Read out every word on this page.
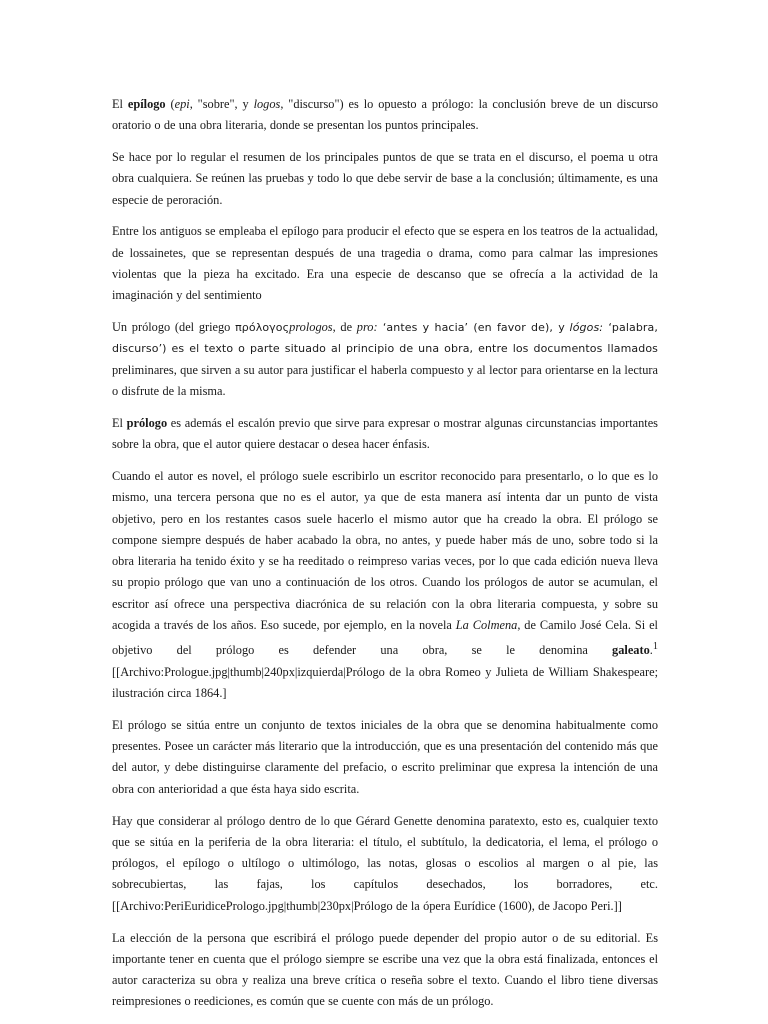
El epílogo (epi, "sobre", y logos, "discurso") es lo opuesto a prólogo: la conclusión breve de un discurso oratorio o de una obra literaria, donde se presentan los puntos principales.

Se hace por lo regular el resumen de los principales puntos de que se trata en el discurso, el poema u otra obra cualquiera. Se reúnen las pruebas y todo lo que debe servir de base a la conclusión; últimamente, es una especie de peroración.

Entre los antiguos se empleaba el epílogo para producir el efecto que se espera en los teatros de la actualidad, de lossainetes, que se representan después de una tragedia o drama, como para calmar las impresiones violentas que la pieza ha excitado. Era una especie de descanso que se ofrecía a la actividad de la imaginación y del sentimiento

Un prólogo (del griego πρόλογοςprologos, de pro: ‘antes y hacia’ (en favor de), y lógos: ‘palabra, discurso’) es el texto o parte situado al principio de una obra, entre los documentos llamados preliminares, que sirven a su autor para justificar el haberla compuesto y al lector para orientarse en la lectura o disfrute de la misma.

El prólogo es además el escalón previo que sirve para expresar o mostrar algunas circunstancias importantes sobre la obra, que el autor quiere destacar o desea hacer énfasis.

Cuando el autor es novel, el prólogo suele escribirlo un escritor reconocido para presentarlo, o lo que es lo mismo, una tercera persona que no es el autor, ya que de esta manera así intenta dar un punto de vista objetivo, pero en los restantes casos suele hacerlo el mismo autor que ha creado la obra. El prólogo se compone siempre después de haber acabado la obra, no antes, y puede haber más de uno, sobre todo si la obra literaria ha tenido éxito y se ha reeditado o reimpreso varias veces, por lo que cada edición nueva lleva su propio prólogo que van uno a continuación de los otros. Cuando los prólogos de autor se acumulan, el escritor así ofrece una perspectiva diacrónica de su relación con la obra literaria compuesta, y sobre su acogida a través de los años. Eso sucede, por ejemplo, en la novela La Colmena, de Camilo José Cela. Si el objetivo del prólogo es defender una obra, se le denomina galeato.$^1$ [[Archivo:Prologue.jpg|thumb|240px|izquierda|Prólogo de la obra Romeo y Julieta de William Shakespeare; ilustración circa 1864.]

El prólogo se sitúa entre un conjunto de textos iniciales de la obra que se denomina habitualmente como presentes. Posee un carácter más literario que la introducción, que es una presentación del contenido más que del autor, y debe distinguirse claramente del prefacio, o escrito preliminar que expresa la intención de una obra con anterioridad a que ésta haya sido escrita.

Hay que considerar al prólogo dentro de lo que Gérard Genette denomina paratexto, esto es, cualquier texto que se sitúa en la periferia de la obra literaria: el título, el subtítulo, la dedicatoria, el lema, el prólogo o prólogos, el epílogo o ultílogo o ultimólogo, las notas, glosas o escolios al margen o al pie, las sobrecubiertas, las fajas, los capítulos desechados, los borradores, etc. [[Archivo:PeriEuridicePrologo.jpg|thumb|230px|Prólogo de la ópera Eurídice (1600), de Jacopo Peri.]]

La elección de la persona que escribirá el prólogo puede depender del propio autor o de su editorial. Es importante tener en cuenta que el prólogo siempre se escribe una vez que la obra está finalizada, entonces el autor caracteriza su obra y realiza una breve crítica o reseña sobre el texto. Cuando el libro tiene diversas reimpresiones o reediciones, es común que se cuente con más de un prólogo.
